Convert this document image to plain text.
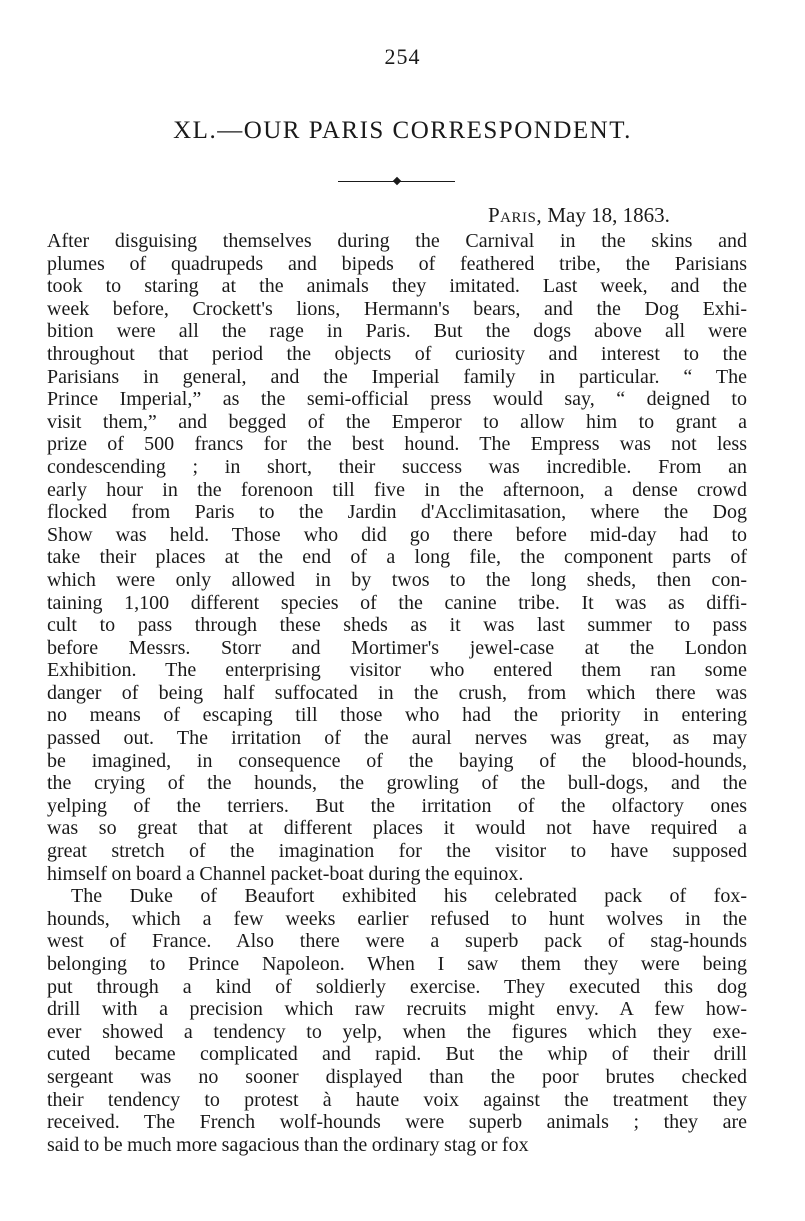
254
XL.—OUR PARIS CORRESPONDENT.
Paris, May 18, 1863.
After disguising themselves during the Carnival in the skins and
plumes of quadrupeds and bipeds of feathered tribe, the Parisians
took to staring at the animals they imitated. Last week, and the
week before, Crockett's lions, Hermann's bears, and the Dog Exhi-
bition were all the rage in Paris. But the dogs above all were
throughout that period the objects of curiosity and interest to the
Parisians in general, and the Imperial family in particular. “ The
Prince Imperial,” as the semi-official press would say, “ deigned to
visit them,” and begged of the Emperor to allow him to grant a
prize of 500 francs for the best hound. The Empress was not less
condescending ; in short, their success was incredible. From an
early hour in the forenoon till five in the afternoon, a dense crowd
flocked from Paris to the Jardin d'Acclimitasation, where the Dog
Show was held. Those who did go there before mid-day had to
take their places at the end of a long file, the component parts of
which were only allowed in by twos to the long sheds, then con-
taining 1,100 different species of the canine tribe. It was as diffi-
cult to pass through these sheds as it was last summer to pass
before Messrs. Storr and Mortimer's jewel-case at the London
Exhibition. The enterprising visitor who entered them ran some
danger of being half suffocated in the crush, from which there was
no means of escaping till those who had the priority in entering
passed out. The irritation of the aural nerves was great, as may
be imagined, in consequence of the baying of the blood-hounds,
the crying of the hounds, the growling of the bull-dogs, and the
yelping of the terriers. But the irritation of the olfactory ones
was so great that at different places it would not have required a
great stretch of the imagination for the visitor to have supposed
himself on board a Channel packet-boat during the equinox.
The Duke of Beaufort exhibited his celebrated pack of fox-
hounds, which a few weeks earlier refused to hunt wolves in the
west of France. Also there were a superb pack of stag-hounds
belonging to Prince Napoleon. When I saw them they were being
put through a kind of soldierly exercise. They executed this dog
drill with a precision which raw recruits might envy. A few how-
ever showed a tendency to yelp, when the figures which they exe-
cuted became complicated and rapid. But the whip of their drill
sergeant was no sooner displayed than the poor brutes checked
their tendency to protest à haute voix against the treatment they
received. The French wolf-hounds were superb animals ; they are
said to be much more sagacious than the ordinary stag or fox
